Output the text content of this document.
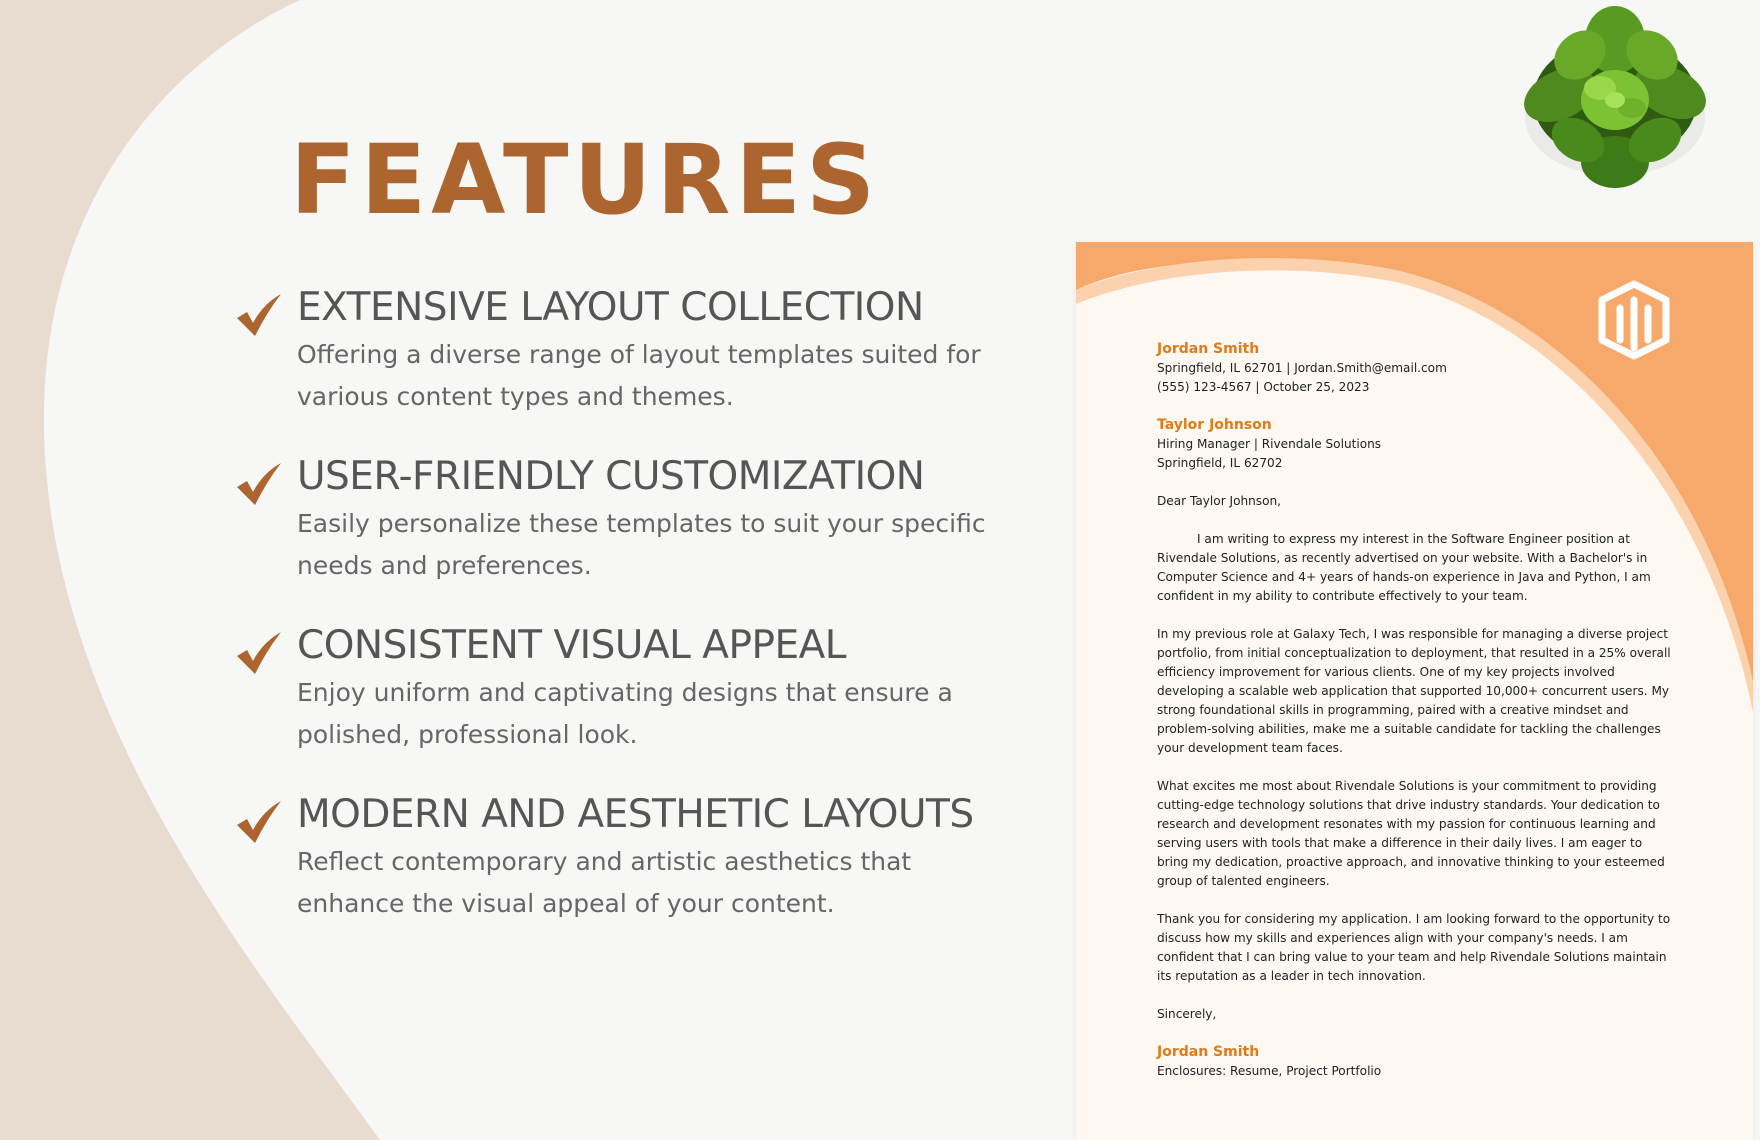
FEATURES
EXTENSIVE LAYOUT COLLECTION
Offering a diverse range of layout templates suited for various content types and themes.
USER-FRIENDLY CUSTOMIZATION
Easily personalize these templates to suit your specific needs and preferences.
CONSISTENT VISUAL APPEAL
Enjoy uniform and captivating designs that ensure a polished, professional look.
MODERN AND AESTHETIC LAYOUTS
Reflect contemporary and artistic aesthetics that enhance the visual appeal of your content.
Jordan Smith
Springfield, IL 62701 | Jordan.Smith@email.com
(555) 123-4567 | October 25, 2023
Taylor Johnson
Hiring Manager | Rivendale Solutions
Springfield, IL 62702
Dear Taylor Johnson,
I am writing to express my interest in the Software Engineer position at Rivendale Solutions, as recently advertised on your website. With a Bachelor's in Computer Science and 4+ years of hands-on experience in Java and Python, I am confident in my ability to contribute effectively to your team.
In my previous role at Galaxy Tech, I was responsible for managing a diverse project portfolio, from initial conceptualization to deployment, that resulted in a 25% overall efficiency improvement for various clients. One of my key projects involved developing a scalable web application that supported 10,000+ concurrent users. My strong foundational skills in programming, paired with a creative mindset and problem-solving abilities, make me a suitable candidate for tackling the challenges your development team faces.
What excites me most about Rivendale Solutions is your commitment to providing cutting-edge technology solutions that drive industry standards. Your dedication to research and development resonates with my passion for continuous learning and serving users with tools that make a difference in their daily lives. I am eager to bring my dedication, proactive approach, and innovative thinking to your esteemed group of talented engineers.
Thank you for considering my application. I am looking forward to the opportunity to discuss how my skills and experiences align with your company's needs. I am confident that I can bring value to your team and help Rivendale Solutions maintain its reputation as a leader in tech innovation.
Sincerely,
Jordan Smith
Enclosures: Resume, Project Portfolio
